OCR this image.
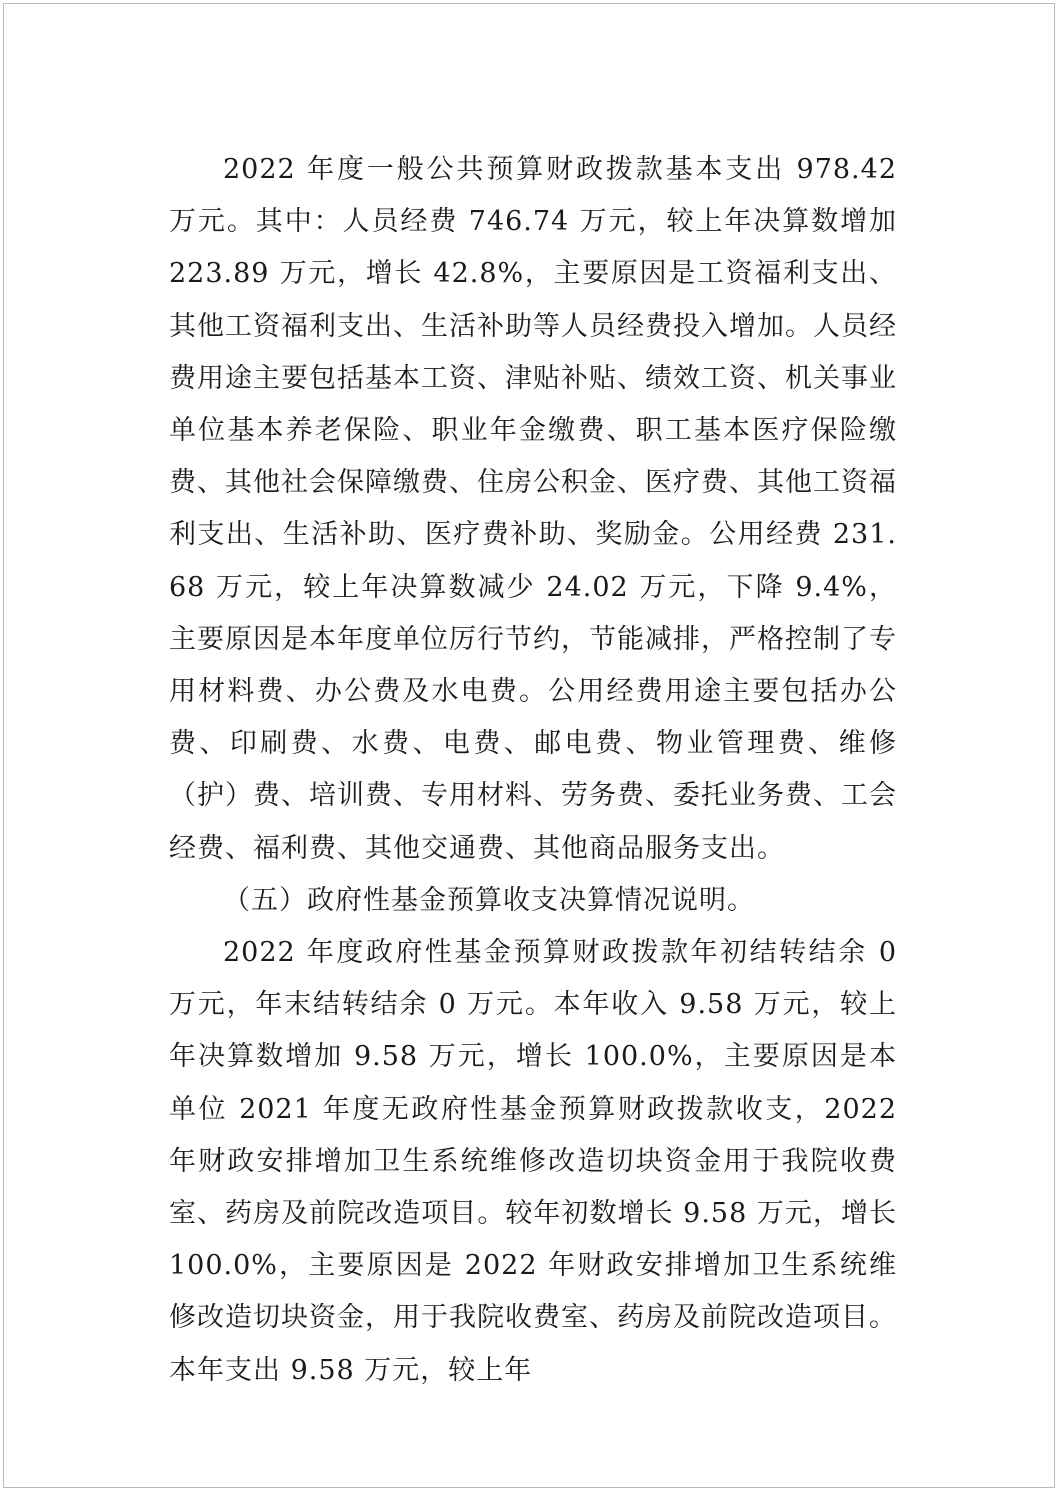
2022 年度一般公共预算财政拨款基本支出 978.42 万元。其中：人员经费 746.74 万元，较上年决算数增加 223.89 万元，增长 42.8%，主要原因是工资福利支出、其他工资福利支出、生活补助等人员经费投入增加。人员经费用途主要包括基本工资、津贴补贴、绩效工资、机关事业单位基本养老保险、职业年金缴费、职工基本医疗保险缴费、其他社会保障缴费、住房公积金、医疗费、其他工资福利支出、生活补助、医疗费补助、奖励金。公用经费 231.68 万元，较上年决算数减少 24.02 万元，下降 9.4%，主要原因是本年度单位厉行节约，节能减排，严格控制了专用材料费、办公费及水电费。公用经费用途主要包括办公费、印刷费、水费、电费、邮电费、物业管理费、维修（护）费、培训费、专用材料、劳务费、委托业务费、工会经费、福利费、其他交通费、其他商品服务支出。

（五）政府性基金预算收支决算情况说明。

2022 年度政府性基金预算财政拨款年初结转结余 0 万元，年末结转结余 0 万元。本年收入 9.58 万元，较上年决算数增加 9.58 万元，增长 100.0%，主要原因是本单位 2021 年度无政府性基金预算财政拨款收支，2022 年财政安排增加卫生系统维修改造切块资金用于我院收费室、药房及前院改造项目。较年初数增长 9.58 万元，增长 100.0%，主要原因是 2022 年财政安排增加卫生系统维修改造切块资金，用于我院收费室、药房及前院改造项目。本年支出 9.58 万元，较上年
